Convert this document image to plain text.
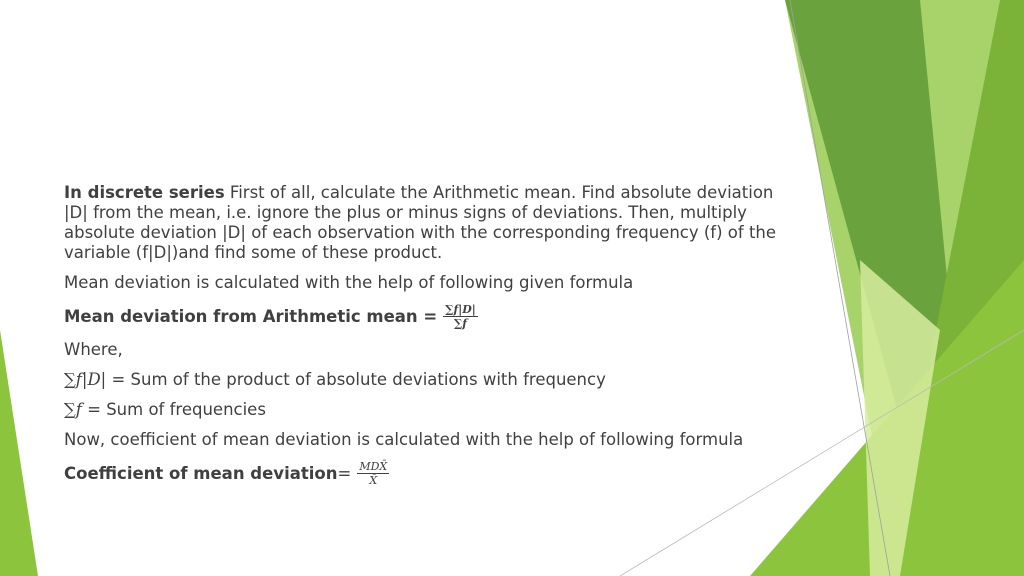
In discrete series First of all, calculate the Arithmetic mean. Find absolute deviation |D| from the mean, i.e. ignore the plus or minus signs of deviations. Then, multiply absolute deviation |D| of each observation with the corresponding frequency (f) of the variable (f|D|)and find some of these product.

Mean deviation is calculated with the help of following given formula

Mean deviation from Arithmetic mean = $\frac{\text{∑𝒇|𝑫|}}{\text{∑𝒇}}$

Where,

∑𝑓|𝐷| = Sum of the product of absolute deviations with frequency

∑𝑓 = Sum of frequencies

Now, coefficient of mean deviation is calculated with the help of following formula

Coefficient of mean deviation = $\frac{\text{𝑀𝐷X̄}}{X̄}$
